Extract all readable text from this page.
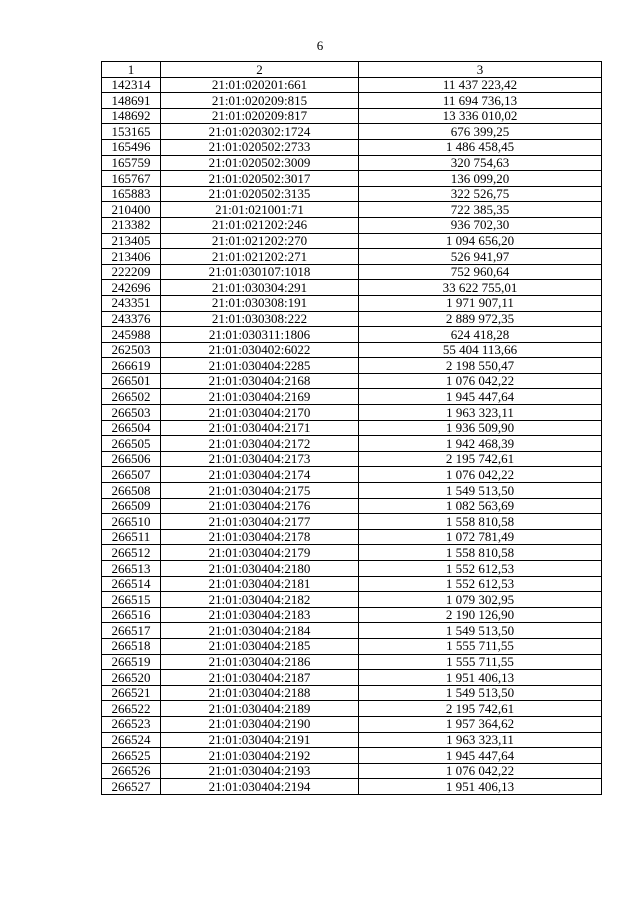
6
1	2	3
142314	21:01:020201:661	11 437 223,42
148691	21:01:020209:815	11 694 736,13
148692	21:01:020209:817	13 336 010,02
153165	21:01:020302:1724	676 399,25
165496	21:01:020502:2733	1 486 458,45
165759	21:01:020502:3009	320 754,63
165767	21:01:020502:3017	136 099,20
165883	21:01:020502:3135	322 526,75
210400	21:01:021001:71	722 385,35
213382	21:01:021202:246	936 702,30
213405	21:01:021202:270	1 094 656,20
213406	21:01:021202:271	526 941,97
222209	21:01:030107:1018	752 960,64
242696	21:01:030304:291	33 622 755,01
243351	21:01:030308:191	1 971 907,11
243376	21:01:030308:222	2 889 972,35
245988	21:01:030311:1806	624 418,28
262503	21:01:030402:6022	55 404 113,66
266619	21:01:030404:2285	2 198 550,47
266501	21:01:030404:2168	1 076 042,22
266502	21:01:030404:2169	1 945 447,64
266503	21:01:030404:2170	1 963 323,11
266504	21:01:030404:2171	1 936 509,90
266505	21:01:030404:2172	1 942 468,39
266506	21:01:030404:2173	2 195 742,61
266507	21:01:030404:2174	1 076 042,22
266508	21:01:030404:2175	1 549 513,50
266509	21:01:030404:2176	1 082 563,69
266510	21:01:030404:2177	1 558 810,58
266511	21:01:030404:2178	1 072 781,49
266512	21:01:030404:2179	1 558 810,58
266513	21:01:030404:2180	1 552 612,53
266514	21:01:030404:2181	1 552 612,53
266515	21:01:030404:2182	1 079 302,95
266516	21:01:030404:2183	2 190 126,90
266517	21:01:030404:2184	1 549 513,50
266518	21:01:030404:2185	1 555 711,55
266519	21:01:030404:2186	1 555 711,55
266520	21:01:030404:2187	1 951 406,13
266521	21:01:030404:2188	1 549 513,50
266522	21:01:030404:2189	2 195 742,61
266523	21:01:030404:2190	1 957 364,62
266524	21:01:030404:2191	1 963 323,11
266525	21:01:030404:2192	1 945 447,64
266526	21:01:030404:2193	1 076 042,22
266527	21:01:030404:2194	1 951 406,13
